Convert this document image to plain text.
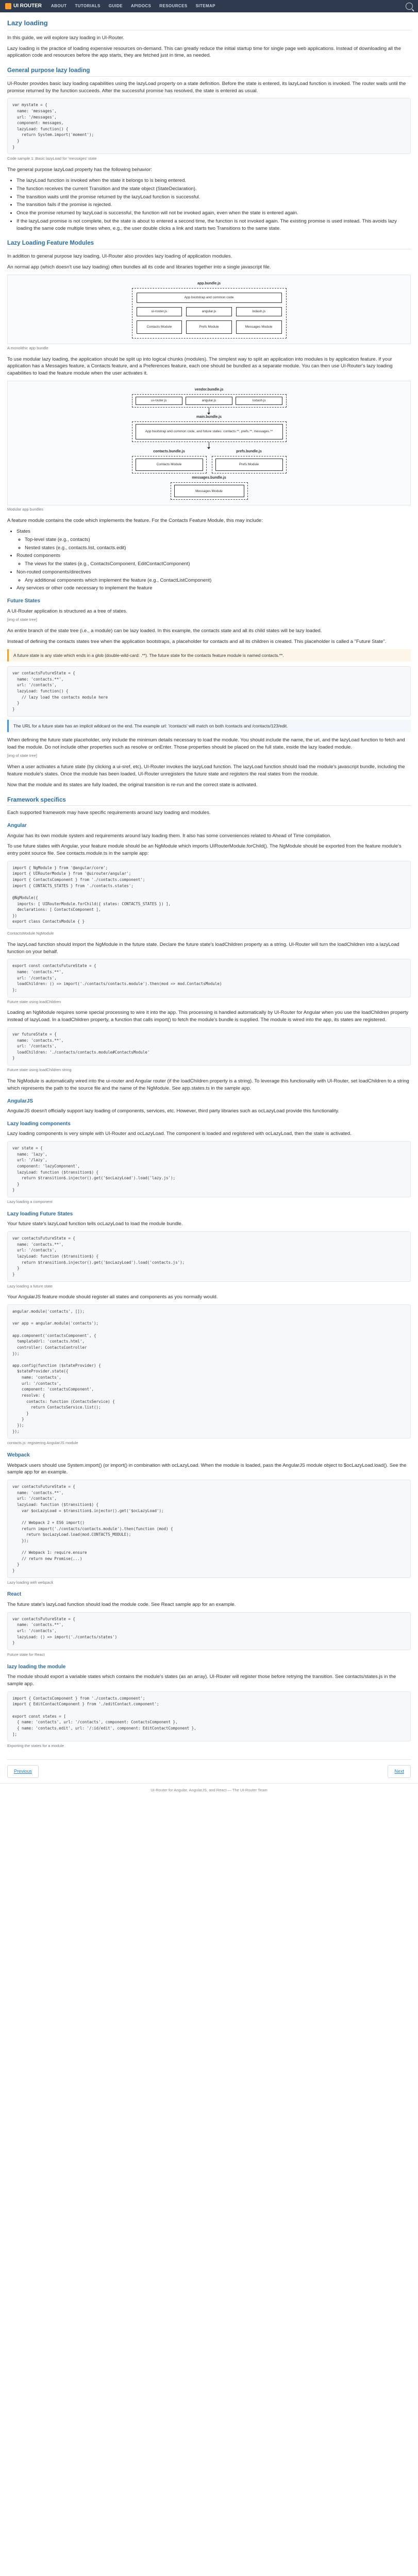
UI ROUTER ABOUT TUTORIALS GUIDE APIDOCS RESOURCES SITEMAP
Lazy loading

In this guide, we will explore lazy loading in UI-Router.

Lazy loading is the practice of loading expensive resources on-demand. This can greatly reduce the initial startup time for single page web applications. Instead of downloading all the application code and resources before the app starts, they are fetched just in time, as needed.

General purpose lazy loading

UI-Router provides basic lazy loading capabilities using the lazyLoad property on a state definition. Before the state is entered, its lazyLoad function is invoked. The router waits until the promise returned by the function succeeds. After the successful promise has resolved, the state is entered as usual.

var mystate = {
name: 'messages',
url: '/messages',
component: messages,
lazyLoad: function() {
return System.import('moment');
}
}
Code sample 1: Basic lazyLoad for 'messages' state

The general purpose lazyLoad property has the following behavior:

• The lazyLoad function is invoked when the state it belongs to is being entered.
• The function receives the current Transition and the state object (StateDeclaration).
• The transition waits until the promise returned by the lazyLoad function is successful.
• The transition fails if the promise is rejected.
• Once the promise returned by lazyLoad is successful, the function will not be invoked again, even when the state is entered again.
• If the lazyLoad promise is not complete, but the state is about to entered a second time, the function is not invoked again. The existing promise is used instead. This avoids lazy loading the same code multiple times when, e.g., the user double clicks a link and starts two Transitions to the same state.
Lazy Loading Feature Modules

In addition to general purpose lazy loading, UI-Router also provides lazy loading of application modules.

An normal app (which doesn't use lazy loading) often bundles all its code and libraries together into a single javascript file.

app.bundle.js
App bootstrap and common code
ui-router.js	angular.js	lodash.js
Contacts Module	Prefs Module	Messages Module
A monolithic app bundle

To use modular lazy loading, the application should be split up into logical chunks (modules). The simplest way to split an application into modules is by application feature. If your application has a Messages feature, a Contacts feature, and a Preferences feature, each one should be bundled as a separate module. You can then use UI-Router's lazy loading capabilities to load the feature module when the user activates it.

vendor.bundle.js
ui-router.js	angular.js	lodash.js
main.bundle.js
App bootstrap and common code, and future states: contacts.**, prefs.**, messages.**
contacts.bundle.js
Contacts Module
prefs.bundle.js
Prefs Module
messages.bundle.js
Messages Module
Modular app bundles

A feature module contains the code which implements the feature. For the Contacts Feature Module, this may include:

• States
◦ Top-level state (e.g., contacts)
◦ Nested states (e.g., contacts.list, contacts.edit)
• Routed components
◦ The views for the states (e.g., ContactsComponent, EditContactComponent)
• Non-routed components/directives
◦ Any additional components which implement the feature (e.g., ContactListComponent)
• Any services or other code necessary to implement the feature
Future States

A UI-Router application is structured as a tree of states.

[img of state tree]

An entire branch of the state tree (i.e., a module) can be lazy loaded. In this example, the contacts state and all its child states will be lazy loaded.

Instead of defining the contacts states tree when the application bootstraps, a placeholder for contacts and all its children is created. This placeholder is called a "Future State".

A future state is any state which ends in a glob (double-wild-card: .**). The future state for the contacts feature module is named contacts.**.
var contactsFutureState = {
name: 'contacts.**',
url: '/contacts',
lazyLoad: function() {
// lazy load the contacts module here
}
}
The URL for a future state has an implicit wildcard on the end. The example url: '/contacts' will match on both /contacts and /contacts/123/edit.

When defining the future state placeholder, only include the minimum details necessary to load the module. You should include the name, the url, and the lazyLoad function to fetch and load the module. Do not include other properties such as resolve or onEnter. Those properties should be placed on the full state, inside the lazy loaded module.

[img of state tree]

When a user activates a future state (by clicking a ui-sref, etc), UI-Router invokes the lazyLoad function. The lazyLoad function should load the module's javascript bundle, including the feature module's states. Once the module has been loaded, UI-Router unregisters the future state and registers the real states from the module.

Now that the module and its states are fully loaded, the original transition is re-run and the correct state is activated.

Framework specifics

Each supported framework may have specific requirements around lazy loading and modules.

Angular

Angular has its own module system and requirements around lazy loading them. It also has some conveniences related to Ahead of Time compilation.

To use future states with Angular, your feature module should be an NgModule which imports UIRouterModule.forChild(). The NgModule should be exported from the feature module's entry point source file. See contacts.module.ts in the sample app:

import { NgModule } from '@angular/core';
import { UIRouterModule } from '@uirouter/angular';
import { ContactsComponent } from './contacts.component';
import { CONTACTS_STATES } from './contacts.states';

@NgModule({
imports: [ UIRouterModule.forChild({ states: CONTACTS_STATES }) ],
declarations: [ ContactsComponent ],
})
export class ContactsModule { }
ContactsModule NgModule

The lazyLoad function should import the NgModule in the future state. Declare the future state's loadChildren property as a string. UI-Router will turn the loadChildren into a lazyLoad function on your behalf.

export const contactsFutureState = {
name: 'contacts.**',
url: '/contacts',
loadChildren: () => import('./contacts/contacts.module').then(mod => mod.ContactsModule)
};
Future state using loadChildren

Loading an NgModule requires some special processing to wire it into the app. This processing is handled automatically by UI-Router for Angular when you use the loadChildren property instead of lazyLoad. In a loadChildren property, a function that calls import() to fetch the module's bundle is supplied. The module is wired into the app, its states are registered.

var futureState = {
name: 'contacts.**',
url: '/contacts',
loadChildren: './contacts/contacts.module#ContactsModule'
}
Future state using loadChildren string

The NgModule is automatically wired into the ui-router and Angular router (if the loadChildren property is a string). To leverage this functionality with UI-Router, set loadChildren to a string which represents the path to the source file and the name of the NgModule. See app.states.ts in the sample app.

AngularJS

AngularJS doesn't officially support lazy loading of components, services, etc. However, third party libraries such as ocLazyLoad provide this functionality.

Lazy loading components

Lazy loading components is very simple with UI-Router and ocLazyLoad. The component is loaded and registered with ocLazyLoad, then the state is activated.

var state = {
name: 'lazy',
url: '/lazy',
component: 'lazyComponent',
lazyLoad: function ($transition$) {
return $transition$.injector().get('$ocLazyLoad').load('lazy.js');
}
}
Lazy loading a component
Lazy loading Future States

Your future state's lazyLoad function tells ocLazyLoad to load the module bundle.

var contactsFutureState = {
name: 'contacts.**',
url: '/contacts',
lazyLoad: function ($transition$) {
return $transition$.injector().get('$ocLazyLoad').load('contacts.js');
}
}
Lazy loading a future state

Your AngularJS feature module should register all states and components as you normally would.

angular.module('contacts', []);

var app = angular.module('contacts');

app.component('contactsComponent', {
templateUrl: 'contacts.html',
controller: ContactsController
});

app.config(function ($stateProvider) {
$stateProvider.state({
name: 'contacts',
url: '/contacts',
component: 'contactsComponent',
resolve: {
contacts: function (ContactsService) {
return ContactsService.list();
}
}
});
});
contacts.js: registering AngularJS module
Webpack

Webpack users should use System.import() (or import() in combination with ocLazyLoad. When the module is loaded, pass the AngularJS module object to $ocLazyLoad.load(). See the sample app for an example.

var contactsFutureState = {
name: 'contacts.**',
url: '/contacts',
lazyLoad: function ($transition$) {
var $ocLazyLoad = $transition$.injector().get('$ocLazyLoad');

// Webpack 2 + ES6 import()
return import('./contacts/contacts.module').then(function (mod) {
return $ocLazyLoad.load(mod.CONTACTS_MODULE);
});

// Webpack 1: require.ensure
// return new Promise(...)
}
}
Lazy loading with webpack
React

The future state's lazyLoad function should load the module code. See React sample app for an example.

var contactsFutureState = {
name: 'contacts.**',
url: '/contacts',
lazyLoad: () => import('./contacts/states')
}
Future state for React
lazy loading the module

The module should export a variable states which contains the module's states (as an array). UI-Router will register those before retrying the transition. See contacts/states.js in the sample app.

import { ContactsComponent } from './contacts.component';
import { EditContactComponent } from './editContact.component';

export const states = [
{ name: 'contacts', url: '/contacts', component: ContactsComponent },
{ name: 'contacts.edit', url: '/:id/edit', component: EditContactComponent },
];
Exporting the states for a module
Previous	Next
UI-Router for Angular, AngularJS, and React — The UI-Router Team
